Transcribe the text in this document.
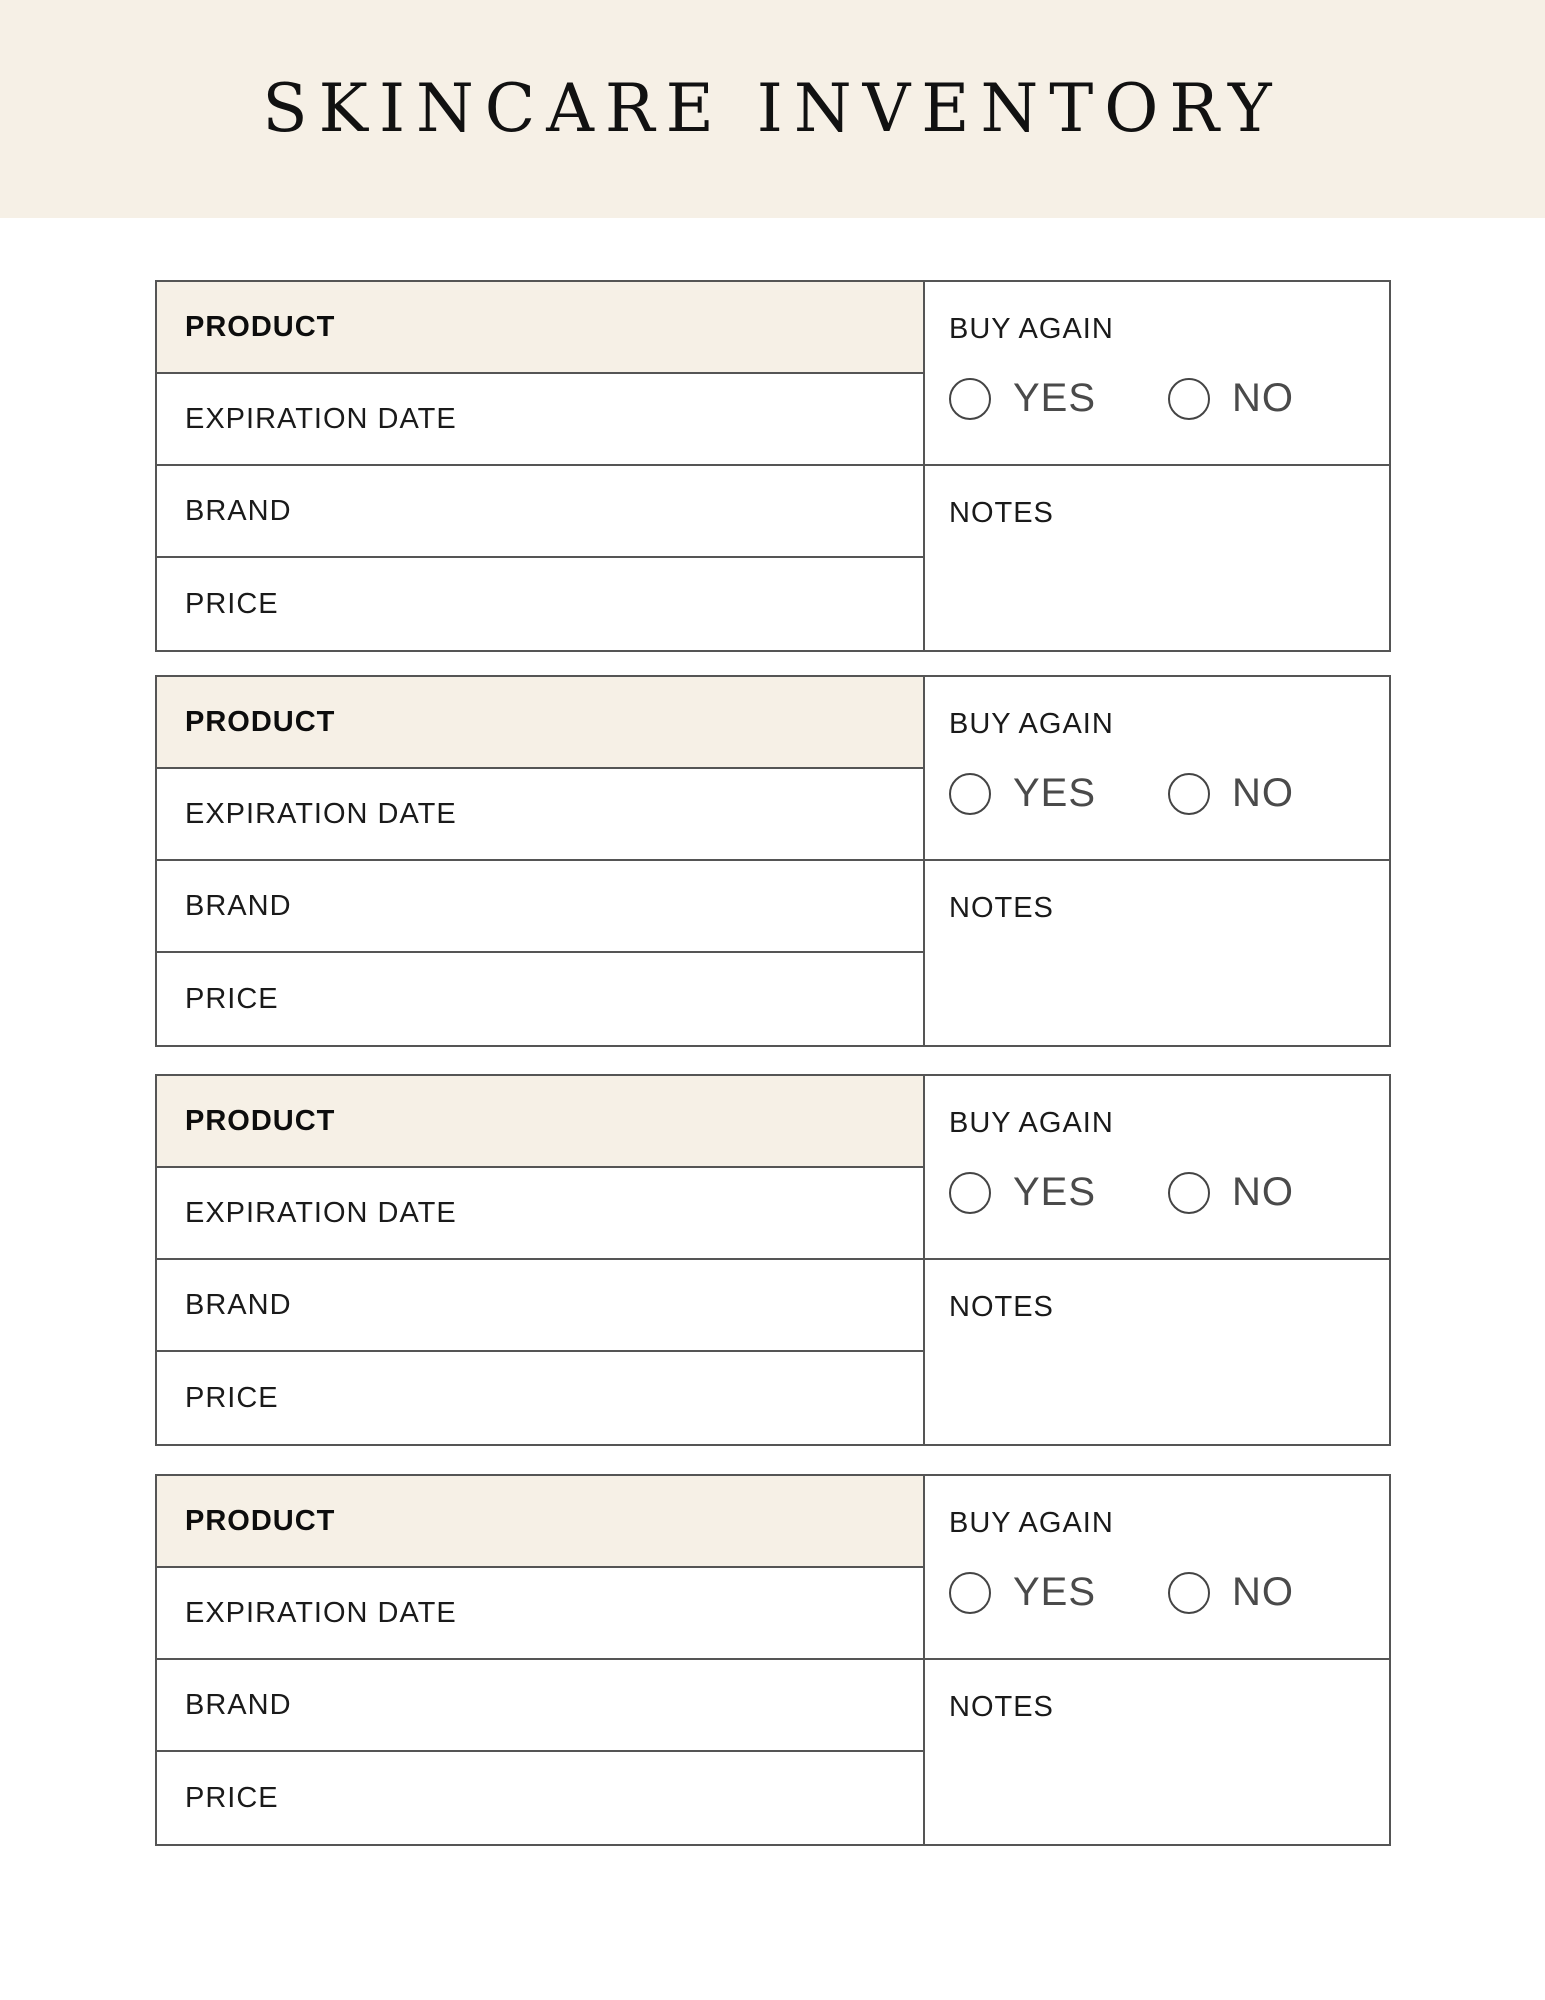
SKINCARE INVENTORY
PRODUCT
EXPIRATION DATE
BRAND
PRICE
BUY AGAIN
YES	NO
NOTES
PRODUCT
EXPIRATION DATE
BRAND
PRICE
BUY AGAIN
YES	NO
NOTES
PRODUCT
EXPIRATION DATE
BRAND
PRICE
BUY AGAIN
YES	NO
NOTES
PRODUCT
EXPIRATION DATE
BRAND
PRICE
BUY AGAIN
YES	NO
NOTES
